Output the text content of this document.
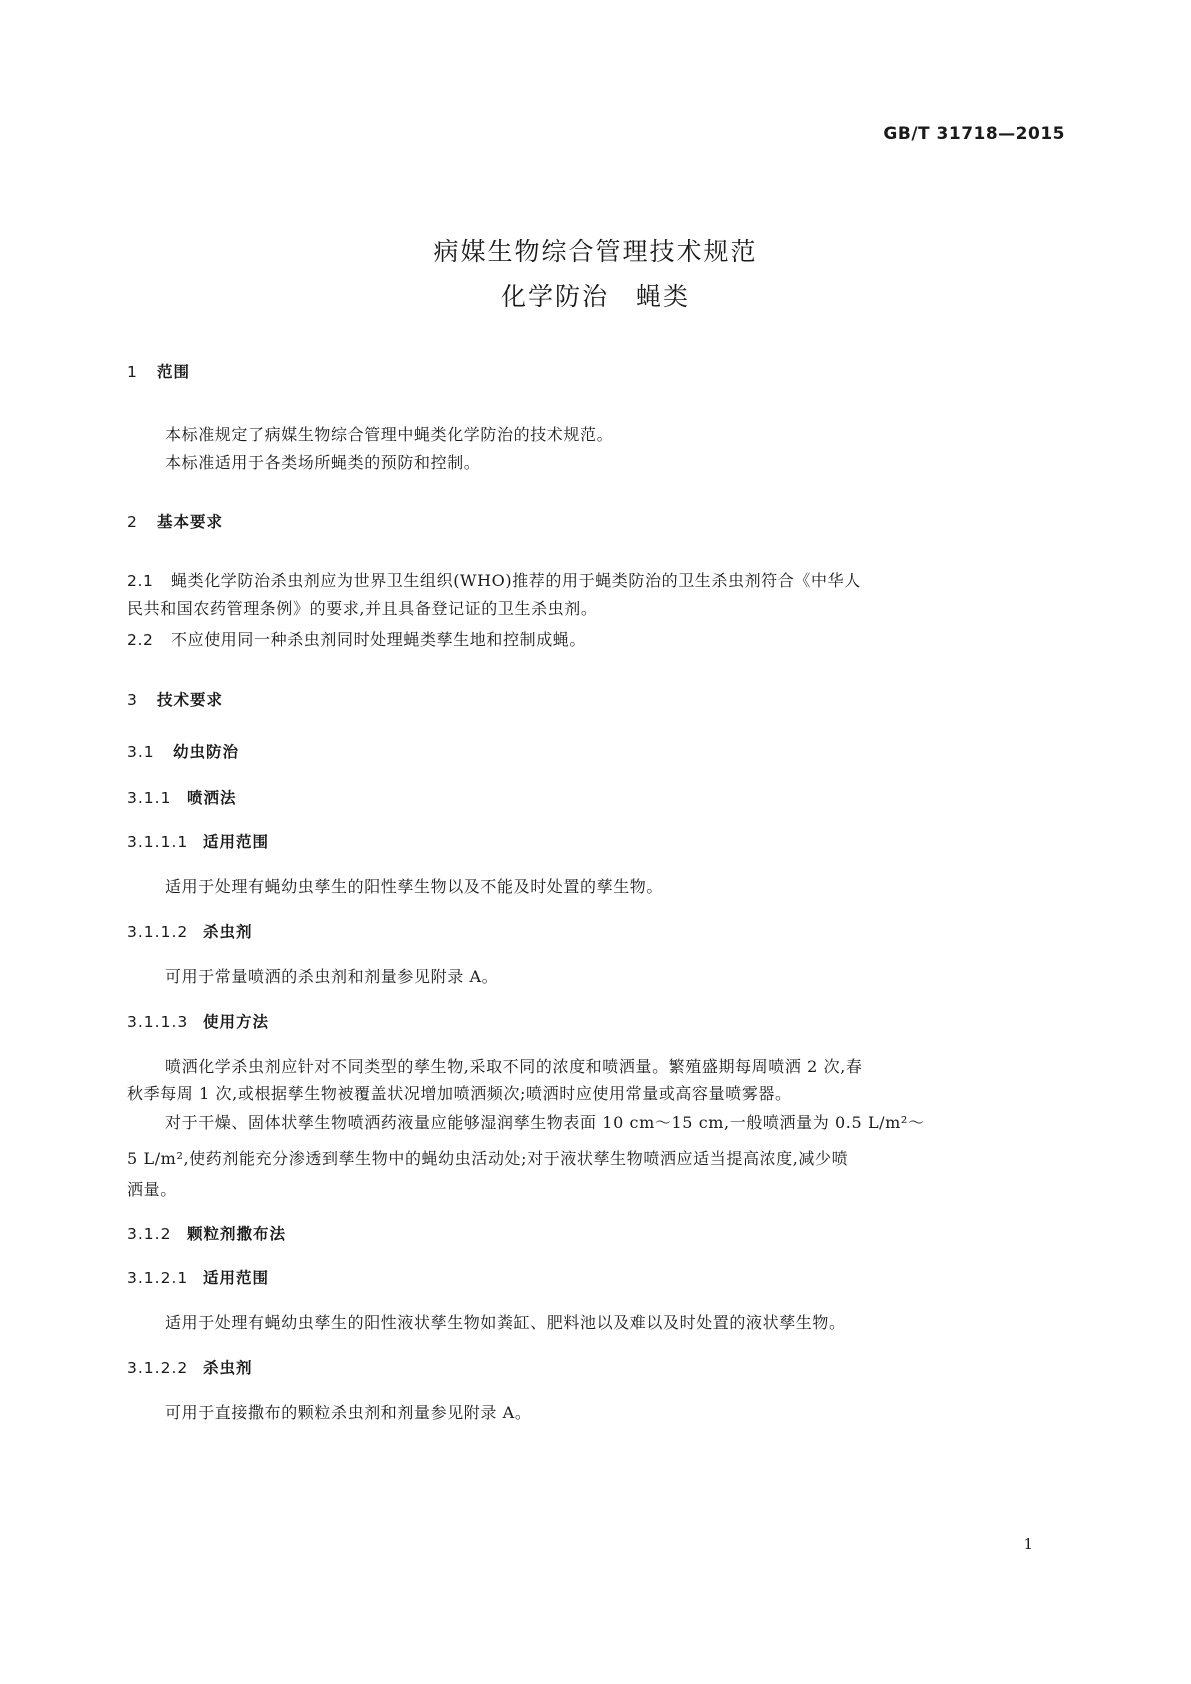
GB/T 31718—2015
病媒生物综合管理技术规范
化学防治　蝇类
1 范围
本标准规定了病媒生物综合管理中蝇类化学防治的技术规范。
本标准适用于各类场所蝇类的预防和控制。
2 基本要求
2.1 蝇类化学防治杀虫剂应为世界卫生组织(WHO)推荐的用于蝇类防治的卫生杀虫剂符合《中华人
民共和国农药管理条例》的要求,并且具备登记证的卫生杀虫剂。
2.2 不应使用同一种杀虫剂同时处理蝇类孳生地和控制成蝇。
3 技术要求
3.1 幼虫防治
3.1.1 喷洒法
3.1.1.1 适用范围
适用于处理有蝇幼虫孳生的阳性孳生物以及不能及时处置的孳生物。
3.1.1.2 杀虫剂
可用于常量喷洒的杀虫剂和剂量参见附录 A。
3.1.1.3 使用方法
喷洒化学杀虫剂应针对不同类型的孳生物,采取不同的浓度和喷洒量。繁殖盛期每周喷洒 2 次,春
秋季每周 1 次,或根据孳生物被覆盖状况增加喷洒频次;喷洒时应使用常量或高容量喷雾器。
对于干燥、固体状孳生物喷洒药液量应能够湿润孳生物表面 10 cm～15 cm,一般喷洒量为 0.5 L/m²～
5 L/m²,使药剂能充分渗透到孳生物中的蝇幼虫活动处;对于液状孳生物喷洒应适当提高浓度,减少喷
洒量。
3.1.2 颗粒剂撒布法
3.1.2.1 适用范围
适用于处理有蝇幼虫孳生的阳性液状孳生物如粪缸、肥料池以及难以及时处置的液状孳生物。
3.1.2.2 杀虫剂
可用于直接撒布的颗粒杀虫剂和剂量参见附录 A。
1
